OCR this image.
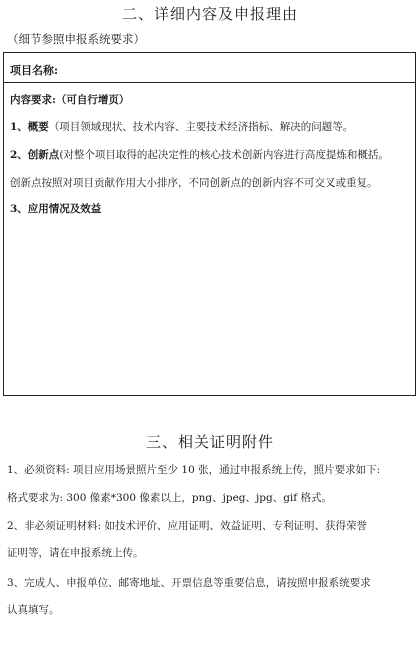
二、详细内容及申报理由
（细节参照申报系统要求）
项目名称:

内容要求:（可自行增页）

1、概要（项目领域现状、技术内容、主要技术经济指标、解决的问题等。

2、创新点(对整个项目取得的起决定性的核心技术创新内容进行高度提炼和概括。

创新点按照对项目贡献作用大小排序，不同创新点的创新内容不可交叉或重复。

3、应用情况及效益

三、相关证明附件
1、必须资料: 项目应用场景照片至少 10 张，通过申报系统上传，照片要求如下:
格式要求为: 300 像素*300 像素以上，png、jpeg、jpg、gif 格式。
2、非必须证明材料: 如技术评价、应用证明、效益证明、专利证明、获得荣誉
证明等，请在申报系统上传。
3、完成人、申报单位、邮寄地址、开票信息等重要信息，请按照申报系统要求
认真填写。
